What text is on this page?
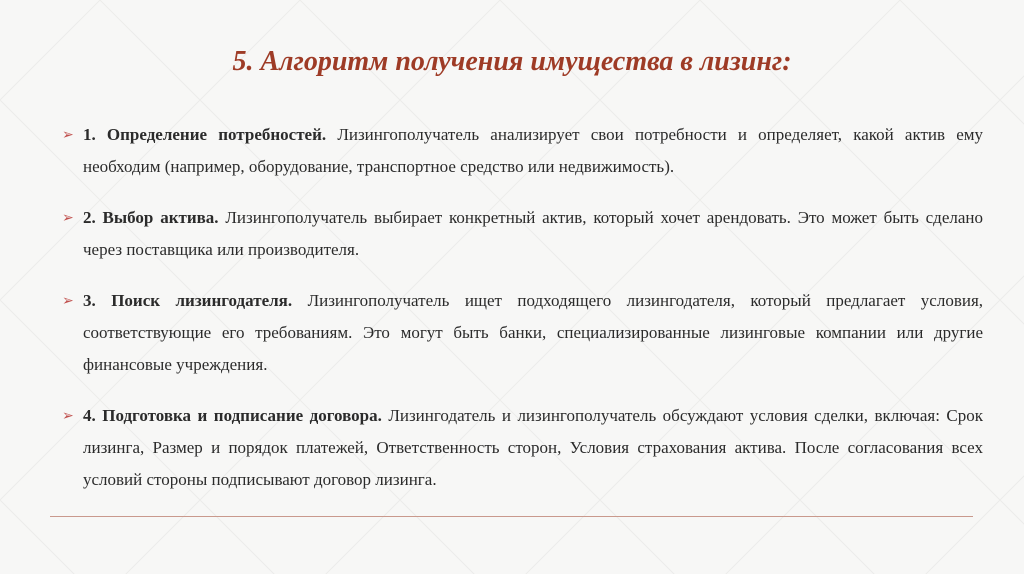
5. Алгоритм получения имущества в лизинг:
➢ 1. Определение потребностей. Лизингополучатель анализирует свои потребности и определяет, какой актив ему необходим (например, оборудование, транспортное средство или недвижимость).
➢ 2. Выбор актива. Лизингополучатель выбирает конкретный актив, который хочет арендовать. Это может быть сделано через поставщика или производителя.
➢ 3. Поиск лизингодателя. Лизингополучатель ищет подходящего лизингодателя, который предлагает условия, соответствующие его требованиям. Это могут быть банки, специализированные лизинговые компании или другие финансовые учреждения.
➢ 4. Подготовка и подписание договора. Лизингодатель и лизингополучатель обсуждают условия сделки, включая: Срок лизинга, Размер и порядок платежей, Ответственность сторон, Условия страхования актива. После согласования всех условий стороны подписывают договор лизинга.
